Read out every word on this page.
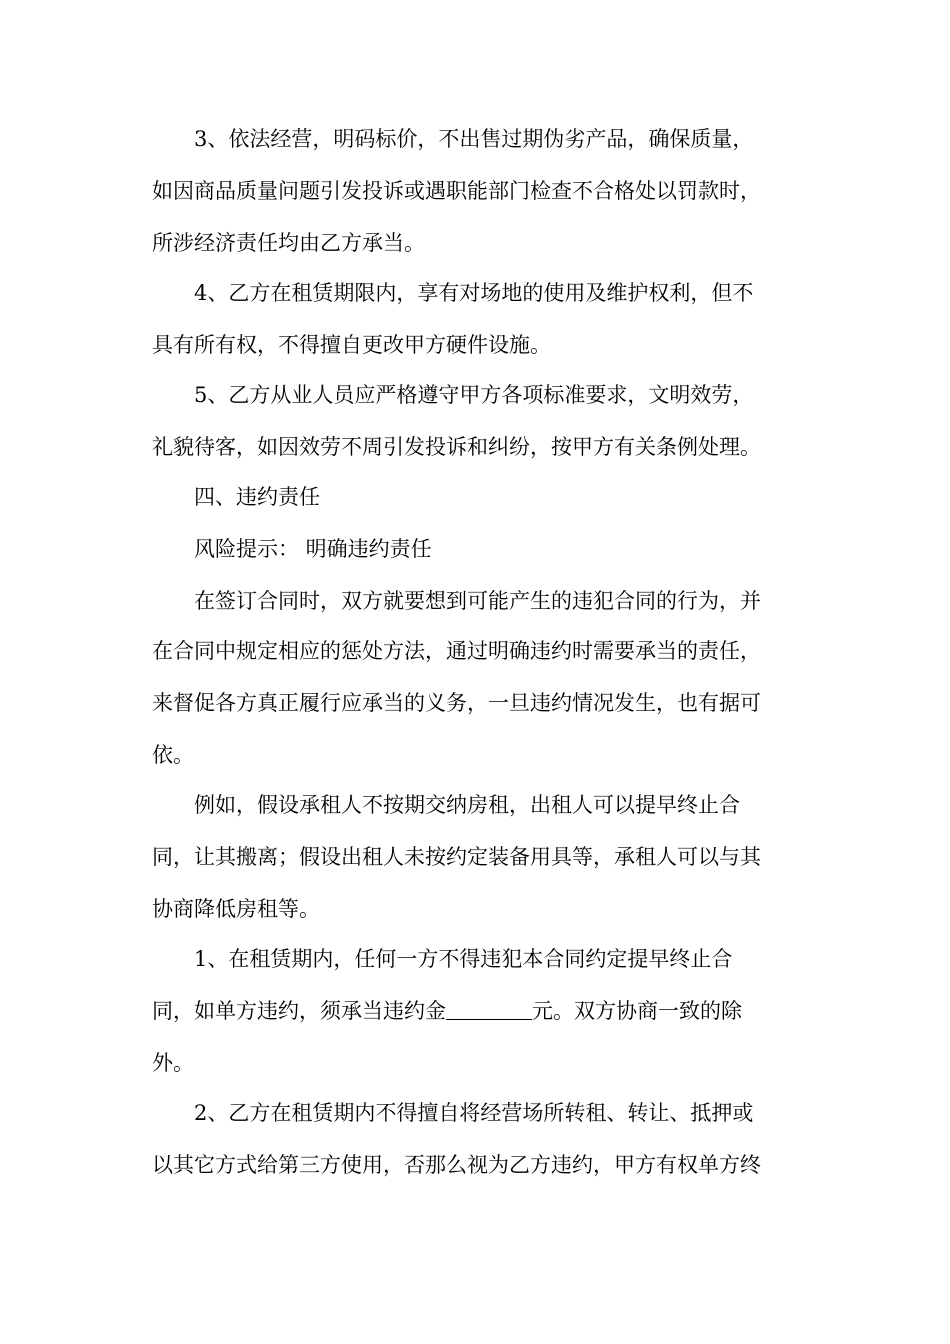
3、依法经营，明码标价，不出售过期伪劣产品，确保质量，
如因商品质量问题引发投诉或遇职能部门检查不合格处以罚款时，
所涉经济责任均由乙方承当。
4、乙方在租赁期限内，享有对场地的使用及维护权利，但不
具有所有权，不得擅自更改甲方硬件设施。
5、乙方从业人员应严格遵守甲方各项标准要求，文明效劳，
礼貌待客，如因效劳不周引发投诉和纠纷，按甲方有关条例处理。
四、违约责任
风险提示： 明确违约责任
在签订合同时，双方就要想到可能产生的违犯合同的行为，并
在合同中规定相应的惩处方法，通过明确违约时需要承当的责任，
来督促各方真正履行应承当的义务，一旦违约情况发生，也有据可
依。
例如，假设承租人不按期交纳房租，出租人可以提早终止合
同，让其搬离；假设出租人未按约定装备用具等，承租人可以与其
协商降低房租等。
1、在租赁期内，任何一方不得违犯本合同约定提早终止合
同，如单方违约，须承当违约金	元。双方协商一致的除
外。
2、乙方在租赁期内不得擅自将经营场所转租、转让、抵押或
以其它方式给第三方使用，否那么视为乙方违约，甲方有权单方终
